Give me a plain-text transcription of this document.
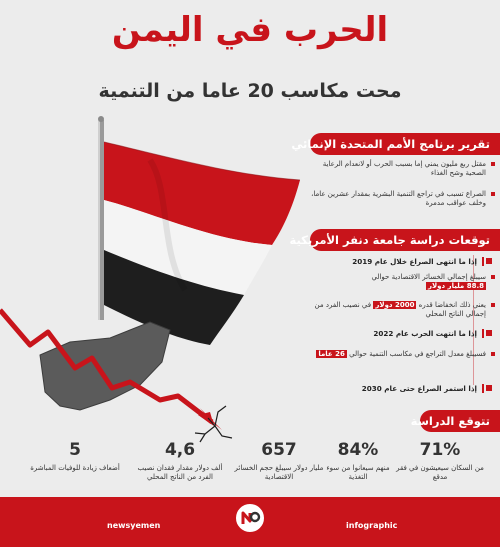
الحرب في اليمن
محت مكاسب 20 عاما من التنمية
تقرير برنامج الأمم المتحدة الإنمائي
مقتل ربع مليون يمني إما بسبب الحرب أو لانعدام الرعاية الصحية وشح الغذاء
الصراع تسبب في تراجع التنمية البشرية بمقدار عشرين عاما، وخلف عواقب مدمرة
توقعات دراسة جامعة دنفر الأمريكية
إذا ما انتهى الصراع خلال عام 2019
سيبلغ إجمالي الخسائر الاقتصادية حوالي
88.8 مليار دولار
يعني ذلك انخفاضا قدره 2000 دولار في نصيب الفرد من إجمالي الناتج المحلي
إذا ما انتهت الحرب عام 2022
فسيبلغ معدل التراجع في مكاسب التنمية حوالي 26 عاما
إذا استمر الصراع حتى عام 2030
تتوقع الدراسة
71%
من السكان سيعيشون في فقر مدقع
84%
منهم سيعانوا من سوء التغذية
657
مليار دولار سيبلغ حجم الخسائر الاقتصادية
4,6
ألف دولار مقدار فقدان نصيب الفرد من الناتج المحلي
5
أضعاف زيادة للوفيات المباشرة
newsyemen	infographic
